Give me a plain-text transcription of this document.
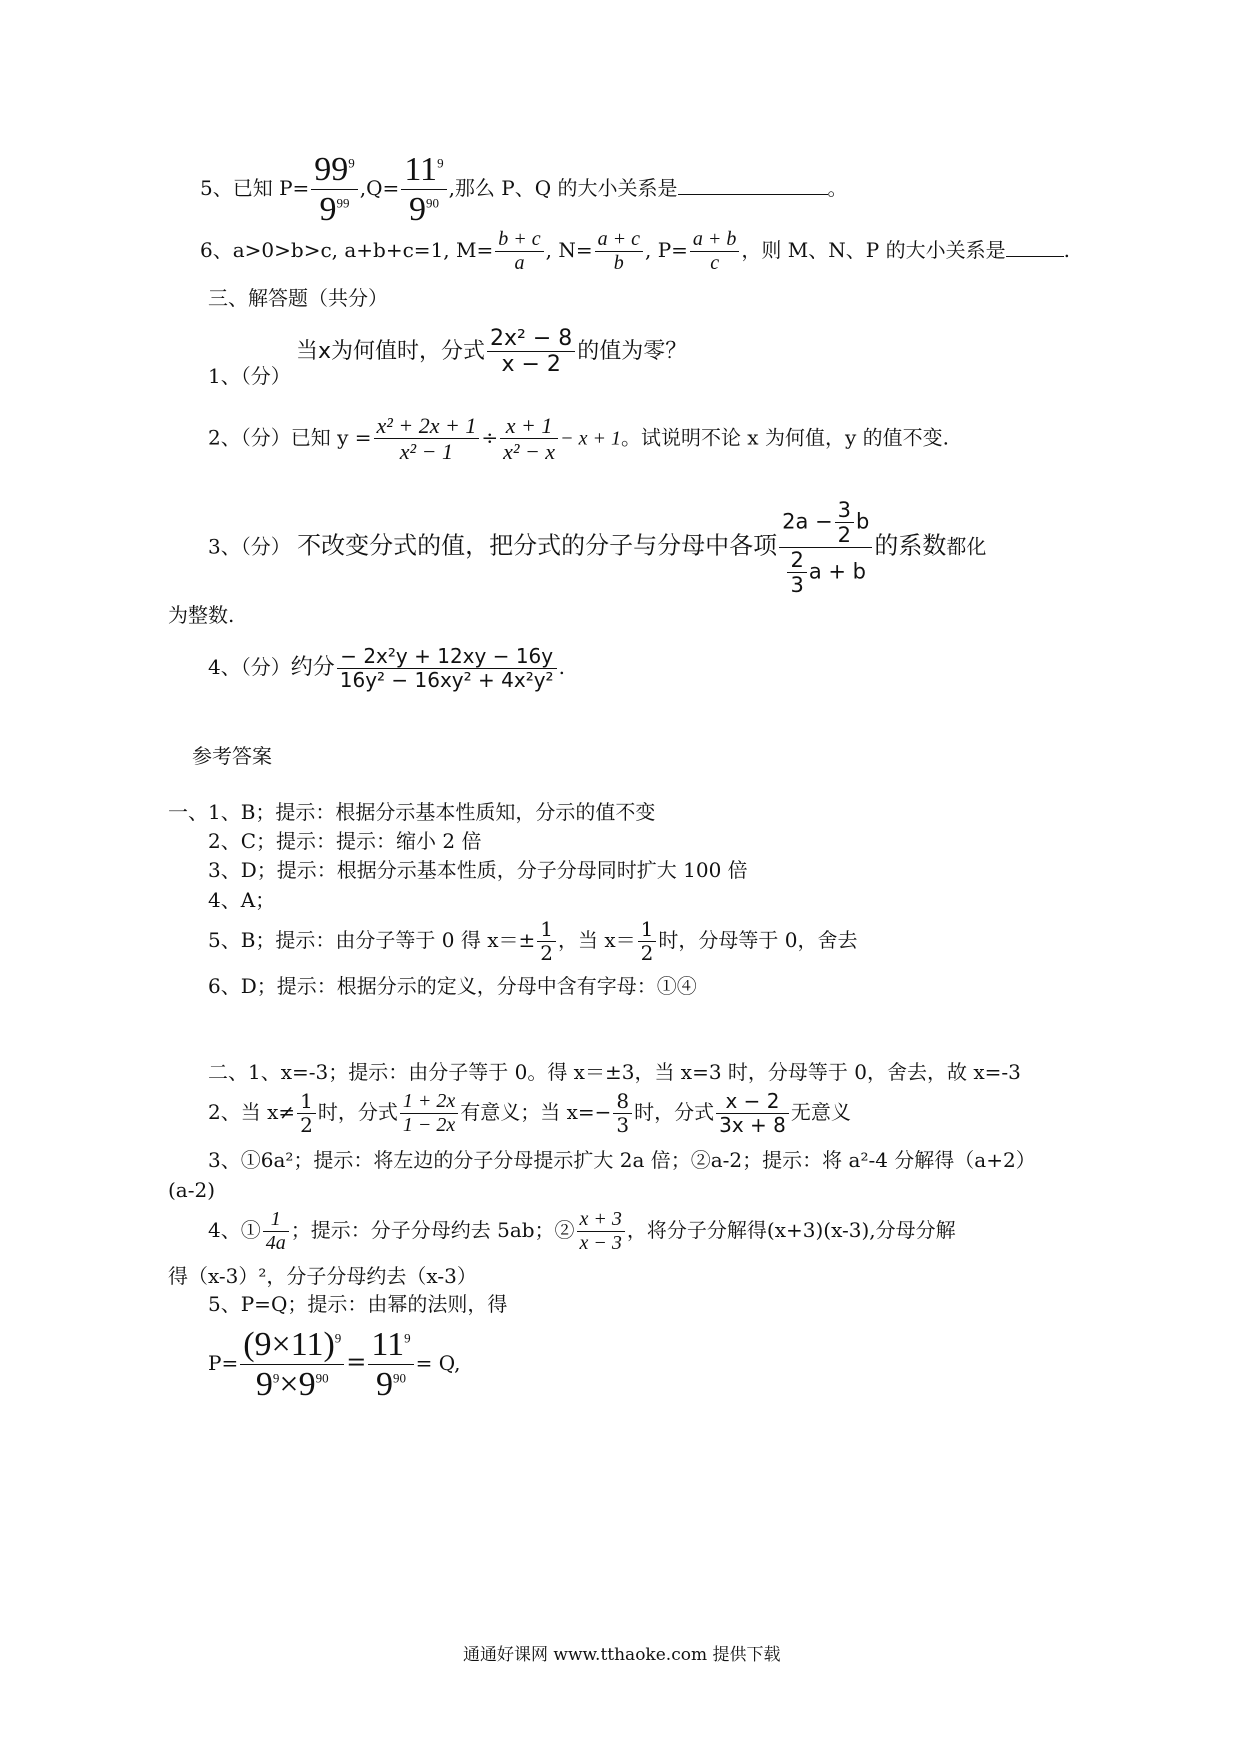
5、已知 $P= \frac{99^9}{9^{99}} ,Q= \frac{11^9}{9^{90}}$ ,那么 P、Q 的大小关系是	。
6、a>0>b>c, a+b+c=1, $M= \frac{b + c}{a}$ , $N= \frac{a + c}{b}$ , $P= \frac{a + b}{c}$ ，则 M、N、P 的大小关系是	.
三、解答题（共分）
1、（分）
当x为何值时，分式 $\frac{\text{2x² − 8}}{x - 2}$ 的值为零？
2、（分）已知 $y = \frac{\text{x² + 2x + 1}}{\text{x² − 1}} \div \frac{x + 1}{\text{x² − x}} - x + 1$。试说明不论 x 为何值，y 的值不变.
3、（分） 不改变分式的值，把分式的分子与分母中各项 $\frac{2a - \frac{3}{2} b}{\frac{2}{3} a + b}$ 的系数都化
为整数.
4、（分）约分 $\frac{\text{− 2x²y + 12xy − 16y}}{\text{16y² − 16xy² + 4x²y²}}$ .
参考答案
一、1、B；提示：根据分示基本性质知，分示的值不变
2、C；提示：提示：缩小 2 倍
3、D；提示：根据分示基本性质，分子分母同时扩大 100 倍
4、A；
5、B；提示：由分子等于 0 得 $x=\pm \frac{1}{2}$ ，当 $x= \frac{1}{2}$ 时，分母等于 0，舍去
6、D；提示：根据分示的定义，分母中含有字母：①④
二、1、x=-3；提示：由分子等于 0。得 x＝±3，当 x=3 时，分母等于 0，舍去，故 x=-3
2、当 $x\ne \frac{1}{2}$ 时，分式 $\frac{1 + 2x}{1 - 2x}$ 有意义；当 $x=- \frac{8}{3}$ 时，分式 $\frac{x - 2}{3x + 8}$ 无意义
3、①6a²；提示：将左边的分子分母提示扩大 2a 倍；②a-2；提示：将 a²-4 分解得（a+2）
(a-2)
4、① $\frac{1}{4a}$ ；提示：分子分母约去 5ab；② $\frac{x + 3}{x - 3}$ ，将分子分解得(x+3)(x-3),分母分解
得（x-3）²，分子分母约去（x-3）
5、P=Q；提示：由幂的法则，得
$P= \frac{(9\times 11)^9}{9^9\times 9^{90}} = \frac{11^9}{9^{90}} = Q$,
通通好课网 www.tthaoke.com 提供下载
